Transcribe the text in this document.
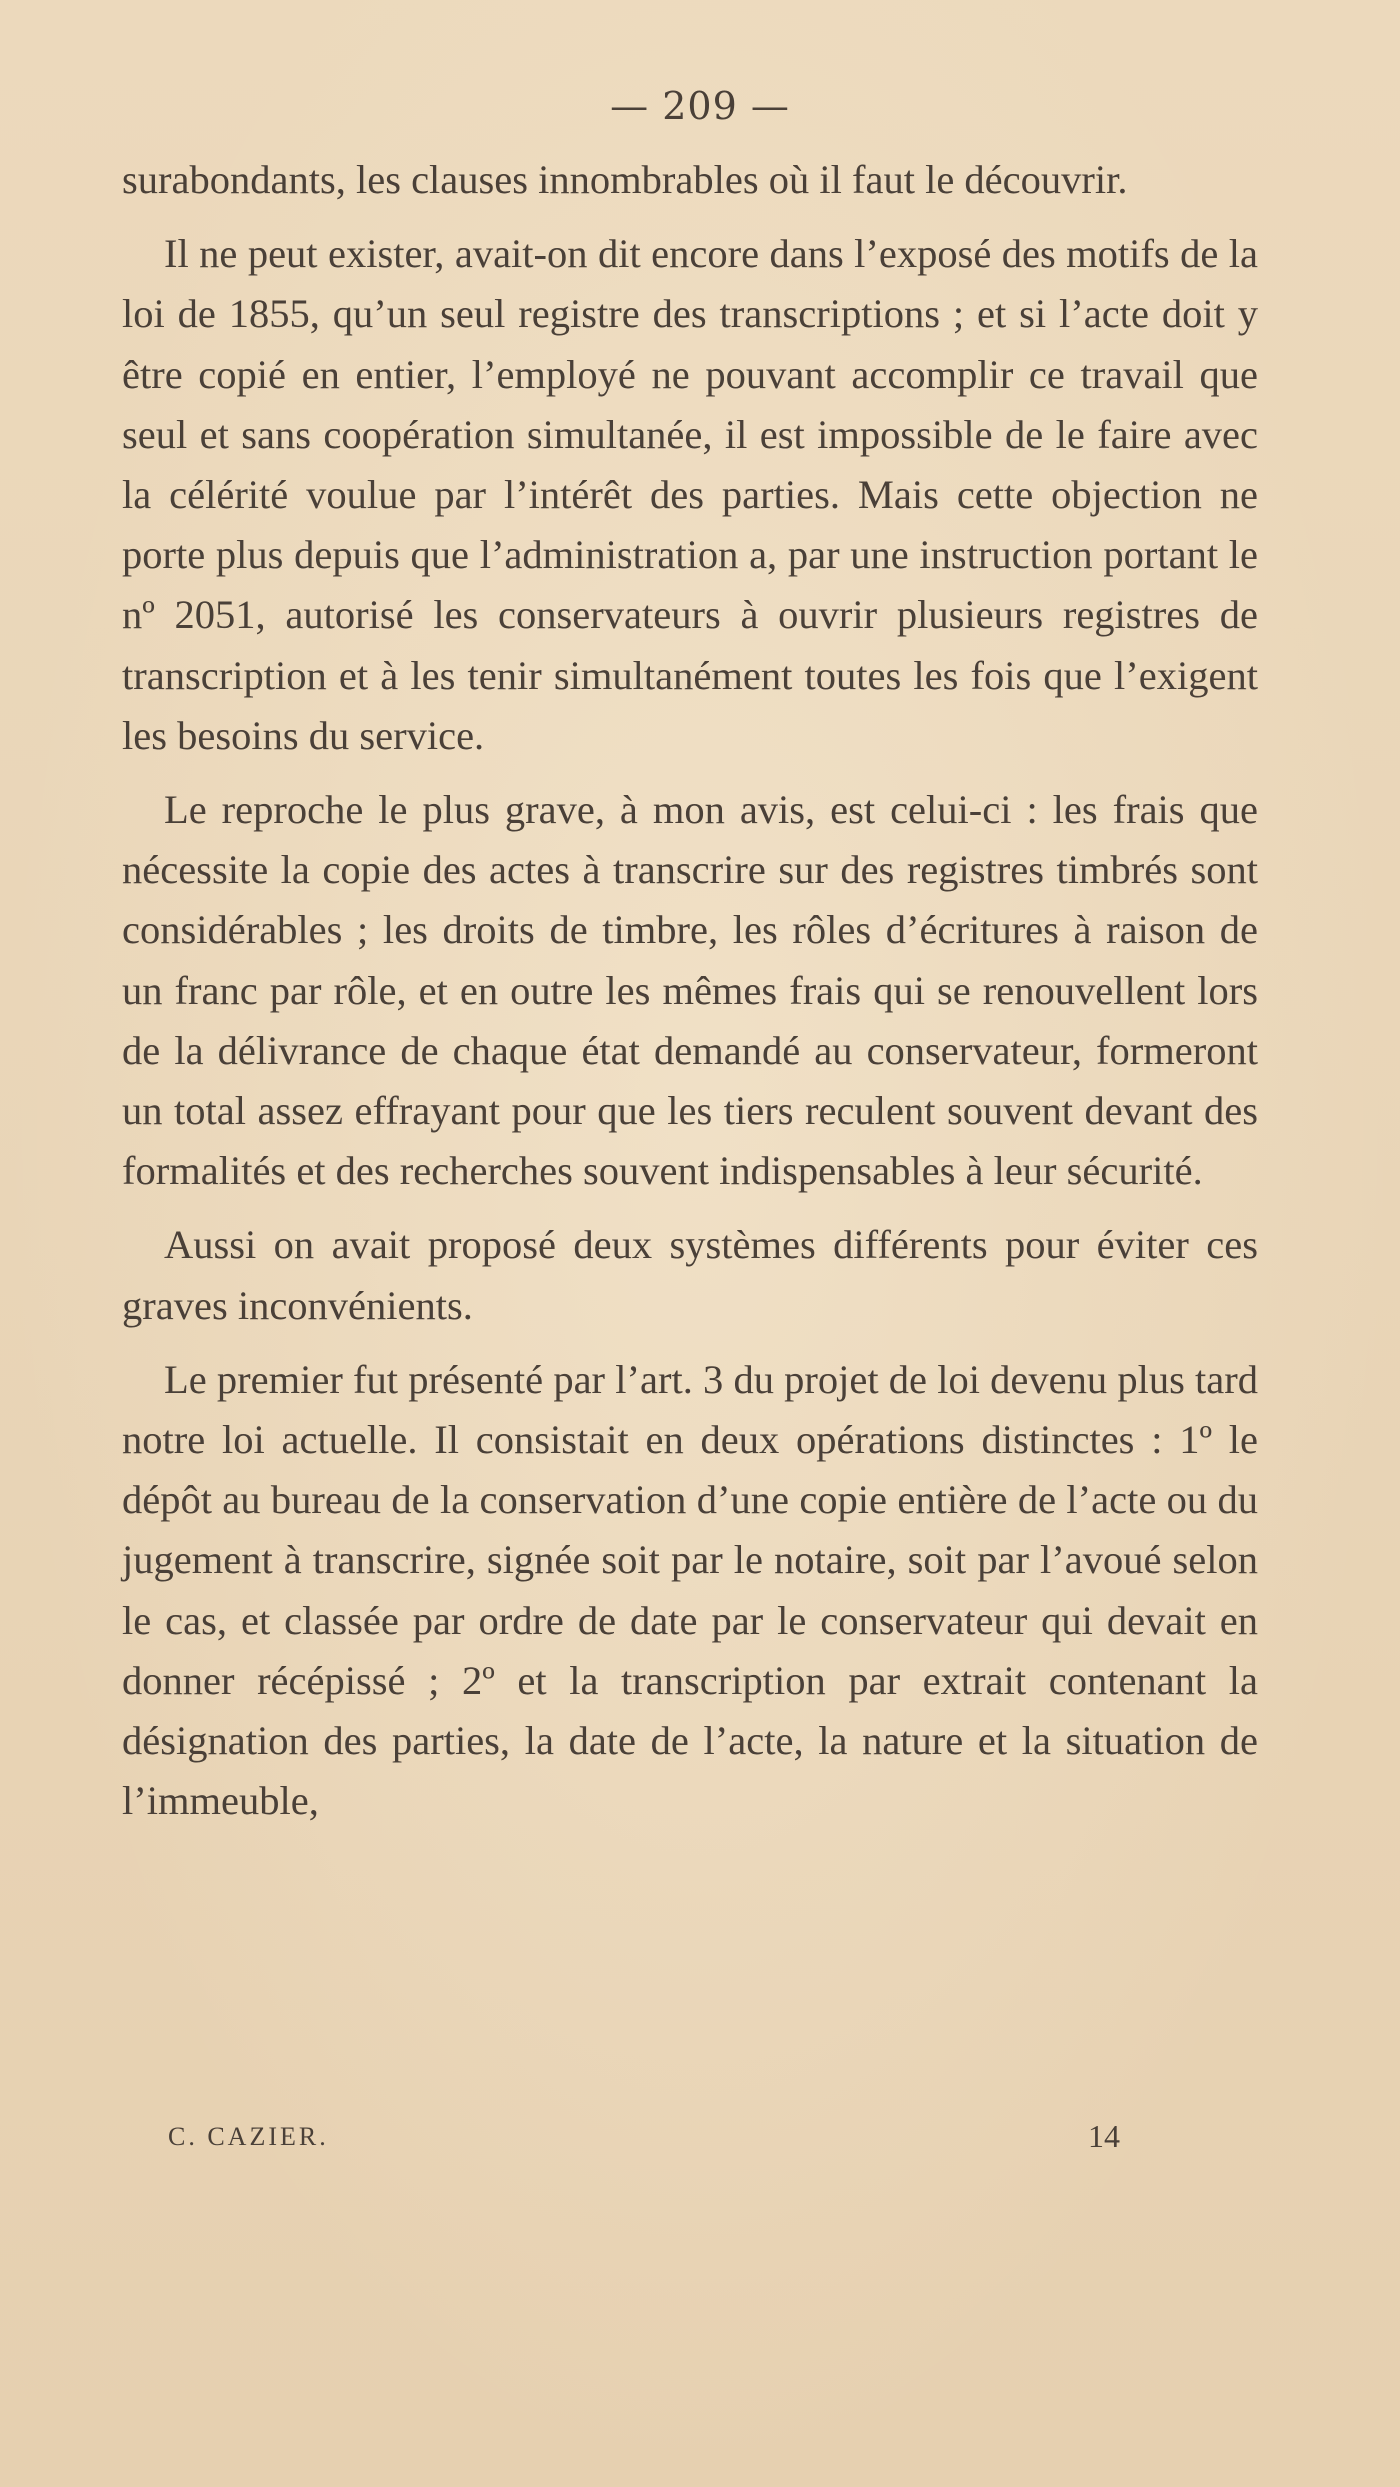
— 209 —

surabondants, les clauses innombrables où il faut le découvrir.

Il ne peut exister, avait-on dit encore dans l’exposé des motifs de la loi de 1855, qu’un seul registre des transcriptions ; et si l’acte doit y être copié en entier, l’employé ne pouvant accomplir ce travail que seul et sans coopération simultanée, il est impossible de le faire avec la célérité voulue par l’intérêt des parties. Mais cette objection ne porte plus depuis que l’administration a, par une instruction portant le nº 2051, autorisé les conservateurs à ouvrir plusieurs registres de transcription et à les tenir simultanément toutes les fois que l’exigent les besoins du service.

Le reproche le plus grave, à mon avis, est celui-ci : les frais que nécessite la copie des actes à transcrire sur des registres timbrés sont considérables ; les droits de timbre, les rôles d’écritures à raison de un franc par rôle, et en outre les mêmes frais qui se renouvellent lors de la délivrance de chaque état demandé au conservateur, formeront un total assez effrayant pour que les tiers reculent souvent devant des formalités et des recherches souvent indispensables à leur sécurité.

Aussi on avait proposé deux systèmes différents pour éviter ces graves inconvénients.

Le premier fut présenté par l’art. 3 du projet de loi devenu plus tard notre loi actuelle. Il consistait en deux opérations distinctes : 1º le dépôt au bureau de la conservation d’une copie entière de l’acte ou du jugement à transcrire, signée soit par le notaire, soit par l’avoué selon le cas, et classée par ordre de date par le conservateur qui devait en donner récépissé ; 2º et la transcription par extrait contenant la désignation des parties, la date de l’acte, la nature et la situation de l’immeuble,

C. CAZIER.	14
